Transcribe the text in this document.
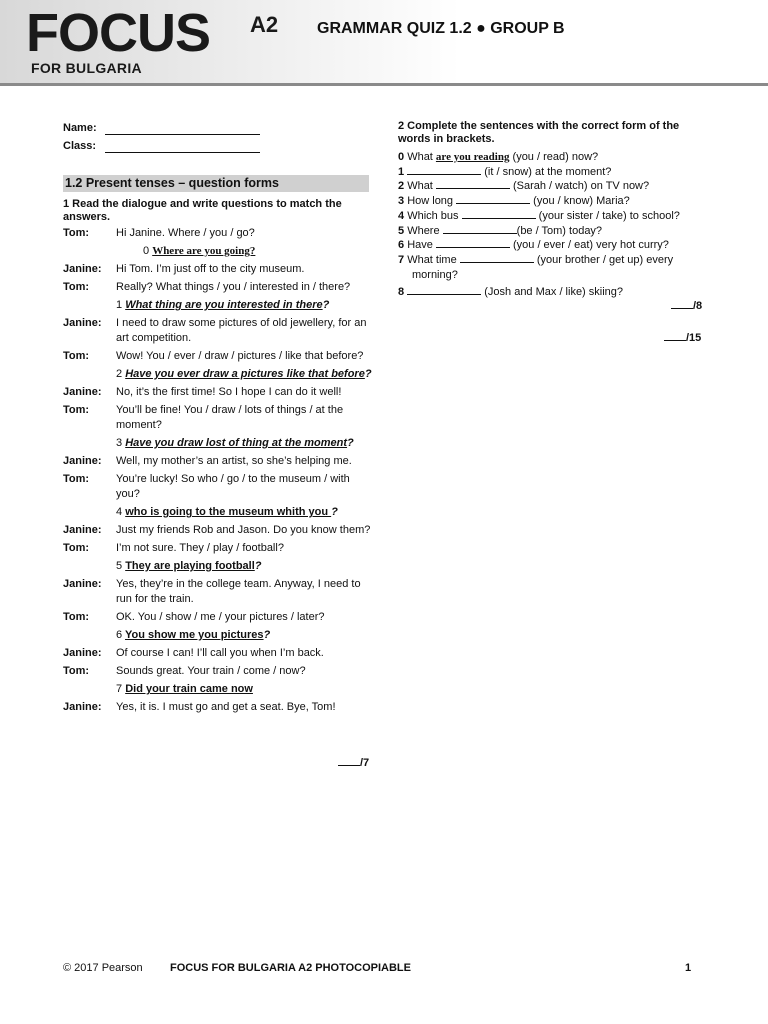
FOCUS A2
FOR BULGARIA
GRAMMAR QUIZ 1.2 ● GROUP B
Name:
Class:
1.2 Present tenses – question forms
1 Read the dialogue and write questions to match the answers.
Tom:	Hi Janine. Where / you / go?
0 Where are you going?
Janine:	Hi Tom. I’m just off to the city museum.
Tom:	Really? What things / you / interested in / there?
1 What thing are you interested in there?
Janine:	I need to draw some pictures of old jewellery, for an art competition.
Tom:	Wow! You / ever / draw / pictures / like that before?
2 Have you ever draw a pictures like that before?
Janine:	No, it’s the first time! So I hope I can do it well!
Tom:	You’ll be fine! You / draw / lots of things / at the moment?
3 Have you draw lost of thing at the moment?
Janine:	Well, my mother’s an artist, so she’s helping me.
Tom:	You’re lucky! So who / go / to the museum / with you?
4 who is going to the museum whith you ?
Janine:	Just my friends Rob and Jason. Do you know them?
Tom:	I’m not sure. They / play / football?
5 They are playing football?
Janine:	Yes, they’re in the college team. Anyway, I need to run for the train.
Tom:	OK. You / show / me / your pictures / later?
6 You show me you pictures?
Janine:	Of course I can! I’ll call you when I’m back.
Tom:	Sounds great. Your train / come / now?
7 Did your train came now
Janine:	Yes, it is. I must go and get a seat. Bye, Tom!
/7
2 Complete the sentences with the correct form of the words in brackets.
0 What are you reading (you / read) now?
1	(it / snow) at the moment?
2 What	(Sarah / watch) on TV now?
3 How long	(you / know) Maria?
4 Which bus	(your sister / take) to school?
5 Where	(be / Tom) today?
6 Have	(you / ever / eat) very hot curry?
7 What time	(your brother / get up) every
morning?
8	(Josh and Max / like) skiing?
/8
/15
© 2017 Pearson FOCUS FOR BULGARIA A2 PHOTOCOPIABLE	1
